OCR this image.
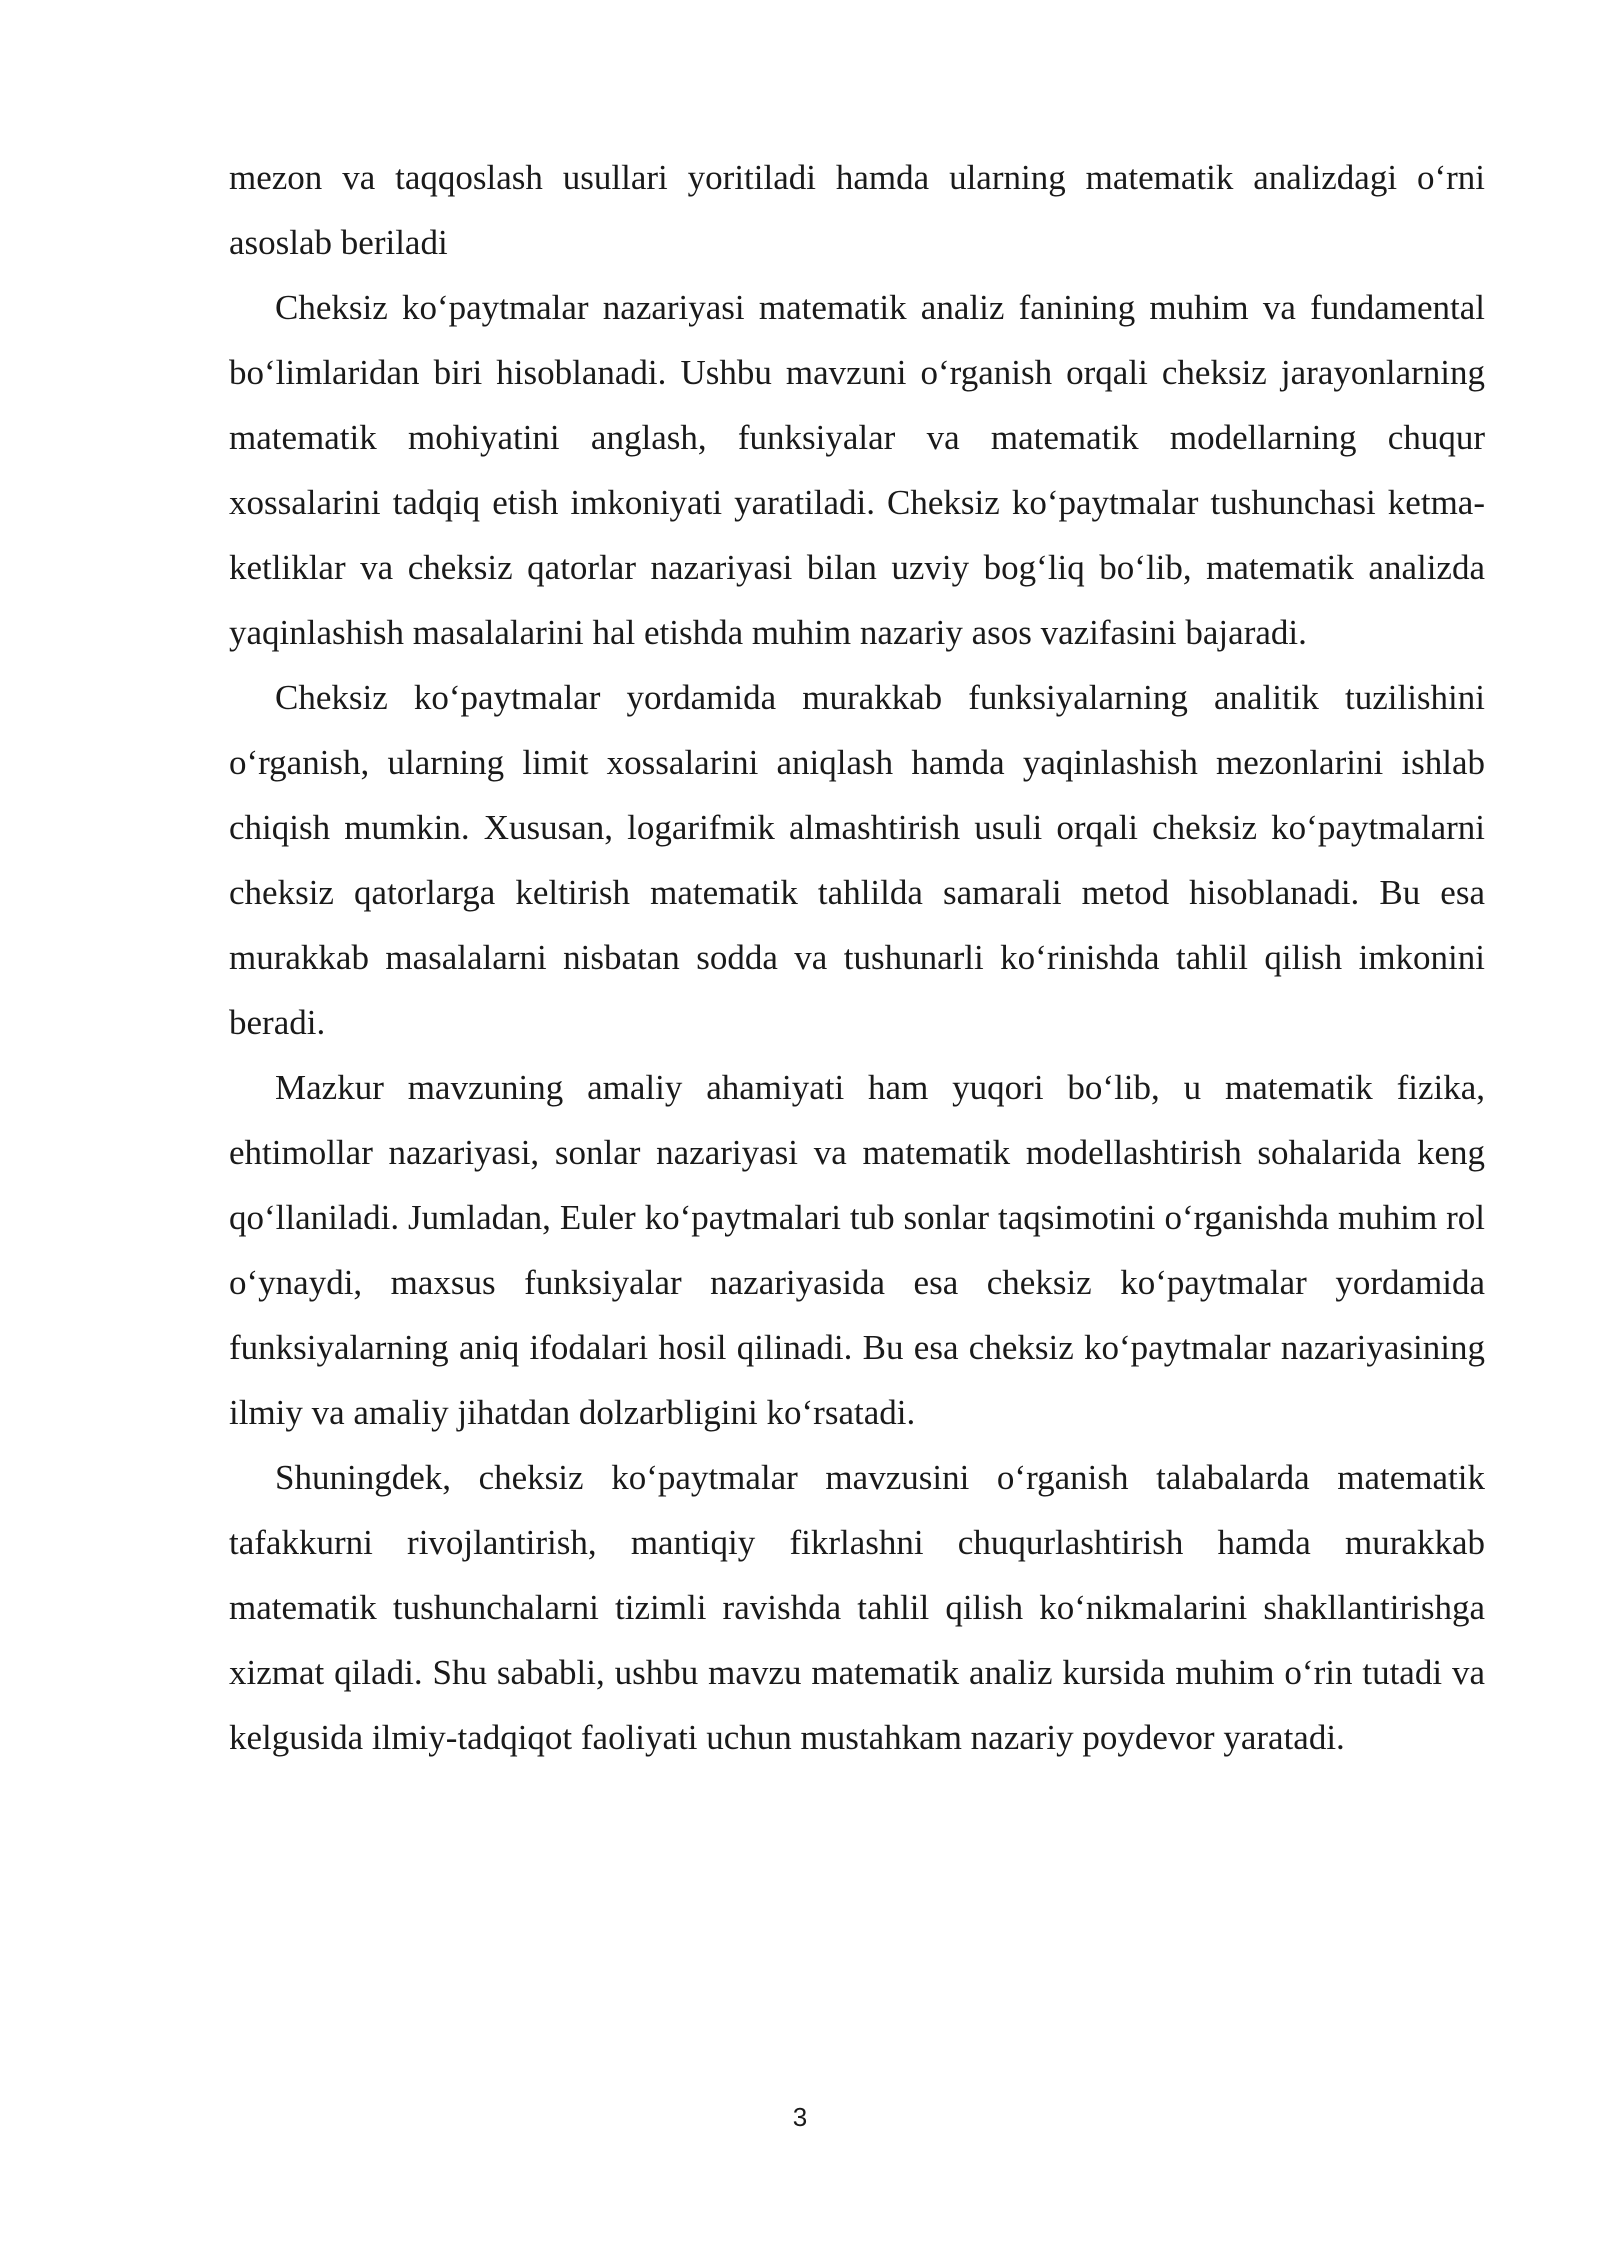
mezon va taqqoslash usullari yoritiladi hamda ularning matematik analizdagi o‘rni asoslab beriladi

Cheksiz ko‘paytmalar nazariyasi matematik analiz fanining muhim va fundamental bo‘limlaridan biri hisoblanadi. Ushbu mavzuni o‘rganish orqali cheksiz jarayonlarning matematik mohiyatini anglash, funksiyalar va matematik modellarning chuqur xossalarini tadqiq etish imkoniyati yaratiladi. Cheksiz ko‘paytmalar tushunchasi ketma-ketliklar va cheksiz qatorlar nazariyasi bilan uzviy bog‘liq bo‘lib, matematik analizda yaqinlashish masalalarini hal etishda muhim nazariy asos vazifasini bajaradi.

Cheksiz ko‘paytmalar yordamida murakkab funksiyalarning analitik tuzilishini o‘rganish, ularning limit xossalarini aniqlash hamda yaqinlashish mezonlarini ishlab chiqish mumkin. Xususan, logarifmik almashtirish usuli orqali cheksiz ko‘paytmalarni cheksiz qatorlarga keltirish matematik tahlilda samarali metod hisoblanadi. Bu esa murakkab masalalarni nisbatan sodda va tushunarli ko‘rinishda tahlil qilish imkonini beradi.

Mazkur mavzuning amaliy ahamiyati ham yuqori bo‘lib, u matematik fizika, ehtimollar nazariyasi, sonlar nazariyasi va matematik modellashtirish sohalarida keng qo‘llaniladi. Jumladan, Euler ko‘paytmalari tub sonlar taqsimotini o‘rganishda muhim rol o‘ynaydi, maxsus funksiyalar nazariyasida esa cheksiz ko‘paytmalar yordamida funksiyalarning aniq ifodalari hosil qilinadi. Bu esa cheksiz ko‘paytmalar nazariyasining ilmiy va amaliy jihatdan dolzarbligini ko‘rsatadi.

Shuningdek, cheksiz ko‘paytmalar mavzusini o‘rganish talabalarda matematik tafakkurni rivojlantirish, mantiqiy fikrlashni chuqurlashtirish hamda murakkab matematik tushunchalarni tizimli ravishda tahlil qilish ko‘nikmalarini shakllantirishga xizmat qiladi. Shu sababli, ushbu mavzu matematik analiz kursida muhim o‘rin tutadi va kelgusida ilmiy-tadqiqot faoliyati uchun mustahkam nazariy poydevor yaratadi.

3
